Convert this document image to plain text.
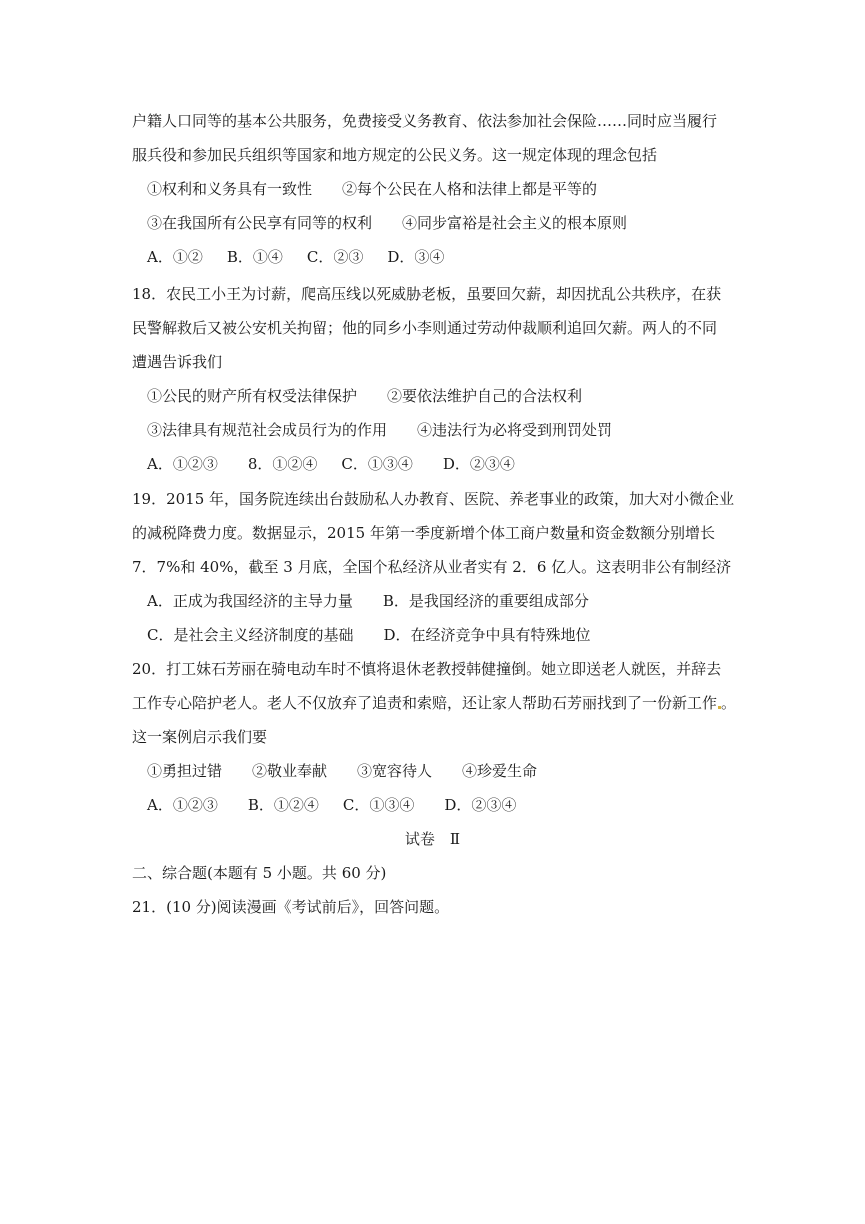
户籍人口同等的基本公共服务，免费接受义务教育、依法参加社会保险……同时应当履行
服兵役和参加民兵组织等国家和地方规定的公民义务。这一规定体现的理念包括
①权利和义务具有一致性 ②每个公民在人格和法律上都是平等的
③在我国所有公民享有同等的权利 ④同步富裕是社会主义的根本原则
A．①② B．①④ C．②③ D．③④
18．农民工小王为讨薪，爬高压线以死威胁老板，虽要回欠薪，却因扰乱公共秩序，在获
民警解救后又被公安机关拘留；他的同乡小李则通过劳动仲裁顺利追回欠薪。两人的不同
遭遇告诉我们
①公民的财产所有权受法律保护 ②要依法维护自己的合法权利
③法律具有规范社会成员行为的作用 ④违法行为必将受到刑罚处罚
A．①②③ 8．①②④ C．①③④ D．②③④
19．2015 年，国务院连续出台鼓励私人办教育、医院、养老事业的政策，加大对小微企业
的减税降费力度。数据显示，2015 年第一季度新增个体工商户数量和资金数额分别增长
7．7%和 40%，截至 3 月底，全国个私经济从业者实有 2．6 亿人。这表明非公有制经济
A．正成为我国经济的主导力量 B．是我国经济的重要组成部分
C．是社会主义经济制度的基础 D．在经济竞争中具有特殊地位
20．打工妹石芳丽在骑电动车时不慎将退休老教授韩健撞倒。她立即送老人就医，并辞去
工作专心陪护老人。老人不仅放弃了追责和索赔，还让家人帮助石芳丽找到了一份新工作 。
这一案例启示我们要
①勇担过错 ②敬业奉献 ③宽容待人 ④珍爱生命
A．①②③ B．①②④ C．①③④ D．②③④
试卷　Ⅱ
二、综合题(本题有 5 小题。共 60 分)
21．(10 分)阅读漫画《考试前后》，回答问题。
